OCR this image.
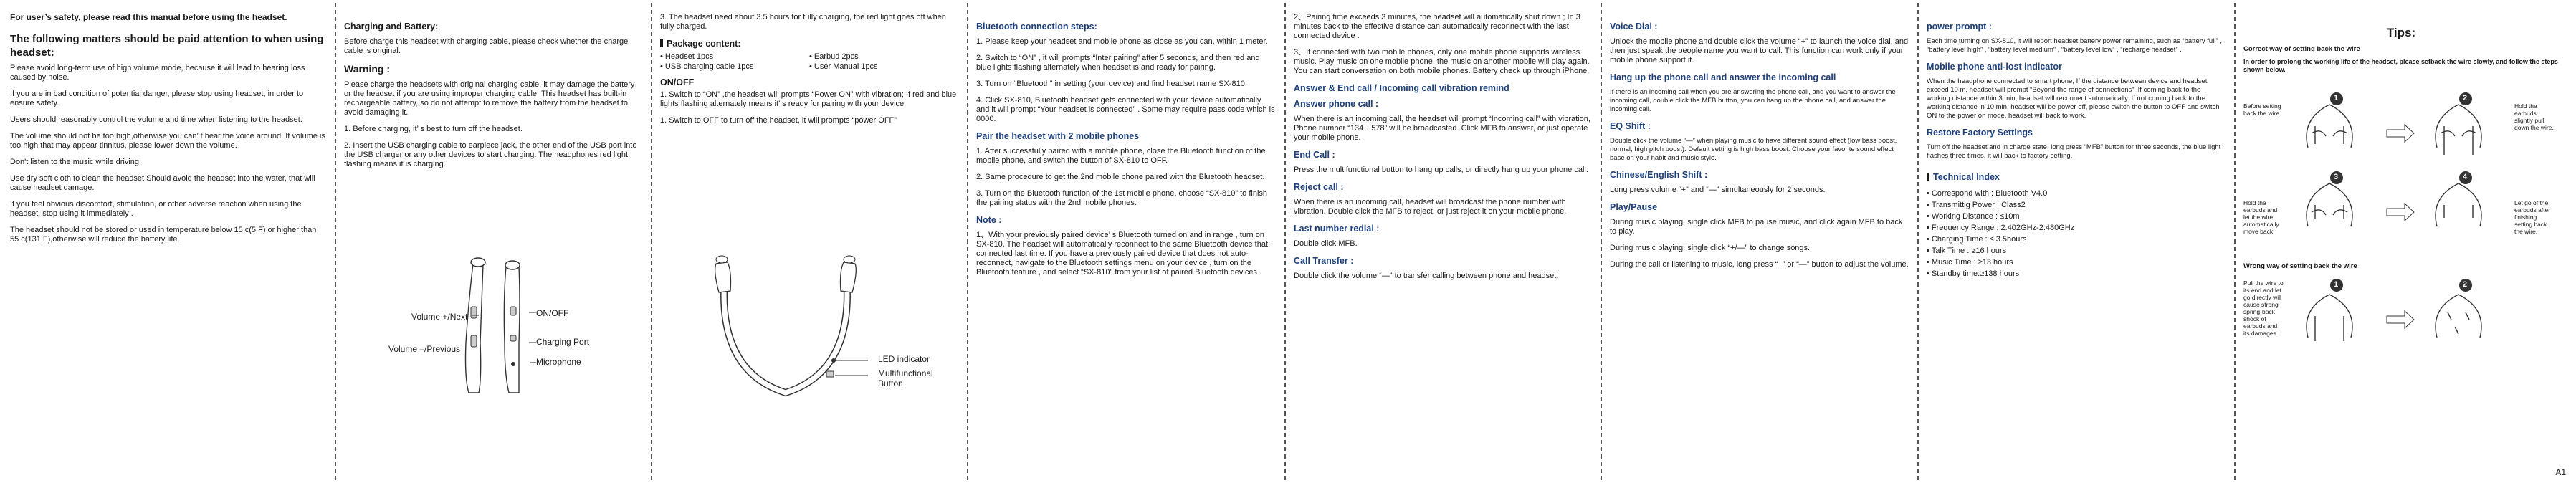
For user’s safety, please read this manual before using the headset.

The following matters should be paid attention to when using headset:

Please avoid long-term use of high volume mode, because it will lead to hearing loss caused by noise.

If you are in bad condition of potential danger, please stop using headset, in order to ensure safety.

Users should reasonably control the volume and time when listening to the headset.

The volume should not be too high,otherwise you can’ t hear the voice around. If volume is too high that may appear tinnitus, please lower down the volume.

Don't listen to the music while driving.

Use dry soft cloth to clean the headset Should avoid the headset into the water, that will cause headset damage.

If you feel obvious discomfort, stimulation, or other adverse reaction when using the headset, stop using it immediately .

The headset should not be stored or used in temperature below 15 c(5 F) or higher than 55 c(131 F),otherwise will reduce the battery life.

Charging and Battery:

Before charge this headset with charging cable, please check whether the charge cable is original.

Warning :

Please charge the headsets with original charging cable, it may damage the battery or the headset if you are using improper charging cable. This headset has built-in rechargeable battery, so do not attempt to remove the battery from the headset to avoid damaging it.

1. Before charging, it’ s best to turn off the headset.

2. Insert the USB charging cable to earpiece jack, the other end of the USB port into the USB charger or any other devices to start charging. The headphones red light flashing means it is charging.

Volume +/Next
Volume –/Previous
ON/OFF
Charging Port
Microphone

3. The headset need about 3.5 hours for fully charging, the red light goes off when fully charged.

Package content:
• Headset 1pcs	• Earbud 2pcs
• USB charging cable 1pcs	• User Manual 1pcs
ON/OFF

1. Switch to “ON” ,the headset will prompts “Power ON” with vibration; If red and blue lights flashing alternately means it’ s ready for pairing with your device.

1. Switch to OFF to turn off the headset, it will prompts “power OFF”

LED indicator
Multifunctional
Button
Bluetooth connection steps:

1. Please keep your headset and mobile phone as close as you can, within 1 meter.

2. Switch to “ON” , it will prompts “Inter pairing” after 5 seconds, and then red and blue lights flashing alternately when headset is and ready for pairing.

3. Turn on “Bluetooth” in setting (your device) and find headset name SX-810.

4. Click SX-810, Bluetooth headset gets connected with your device automatically and it will prompt “Your headset is connected” . Some may require pass code which is 0000.

Pair the headset with 2 mobile phones

1. After successfully paired with a mobile phone, close the Bluetooth function of the mobile phone, and switch the button of SX-810 to OFF.

2. Same procedure to get the 2nd mobile phone paired with the Bluetooth headset.

3. Turn on the Bluetooth function of the 1st mobile phone, choose “SX-810” to finish the pairing status with the 2nd mobile phones.

Note :

1、With your previously paired device’ s Bluetooth turned on and in range , turn on SX-810. The headset will automatically reconnect to the same Bluetooth device that connected last time. If you have a previously paired device that does not auto-reconnect, navigate to the Bluetooth settings menu on your device , turn on the Bluetooth feature , and select “SX-810” from your list of paired Bluetooth devices .

2、Pairing time exceeds 3 minutes, the headset will automatically shut down ; In 3 minutes back to the effective distance can automatically reconnect with the last connected device .

3、If connected with two mobile phones, only one mobile phone supports wireless music. Play music on one mobile phone, the music on another mobile will play again. You can start conversation on both mobile phones. Battery check up through iPhone.

Answer & End call / Incoming call vibration remind
Answer phone call :

When there is an incoming call, the headset will prompt “Incoming call” with vibration, Phone number “134…578” will be broadcasted. Click MFB to answer, or just operate your mobile phone.

End Call :

Press the multifunctional button to hang up calls, or directly hang up your phone call.

Reject call :

When there is an incoming call, headset will broadcast the phone number with vibration. Double click the MFB to reject, or just reject it on your mobile phone.

Last number redial :

Double click MFB.

Call Transfer :

Double click the volume “—” to transfer calling between phone and headset.

Voice Dial :

Unlock the mobile phone and double click the volume “+” to launch the voice dial, and then just speak the people name you want to call. This function can work only if your mobile phone support it.

Hang up the phone call and answer the incoming call

If there is an incoming call when you are answering the phone call, and you want to answer the incoming call, double click the MFB button, you can hang up the phone call, and answer the incoming call.

EQ Shift :

Double click the volume “—” when playing music to have different sound effect (low bass boost, normal, high pitch boost). Default setting is high bass boost. Choose your favorite sound effect base on your habit and music style.

Chinese/English Shift :

Long press volume “+” and “—” simultaneously for 2 seconds.

Play/Pause

During music playing, single click MFB to pause music, and click again MFB to back to play.

During music playing, single click “+/—” to change songs.

During the call or listening to music, long press “+” or “—” button to adjust the volume.

power prompt :

Each time turning on SX-810, it will report headset battery power remaining, such as “battery full” , “battery level high” , “battery level medium” , “battery level low” , “recharge headset” .

Mobile phone anti-lost indicator

When the headphone connected to smart phone, If the distance between device and headset exceed 10 m, headset will prompt “Beyond the range of connections” .If coming back to the working distance within 3 min, headset will reconnect automatically. If not coming back to the working distance in 10 min, headset will be power off, please switch the button to OFF and switch ON to the power on mode, headset will back to work.

Restore Factory Settings

Turn off the headset and in charge state, long press “MFB” button for three seconds, the blue light flashes three times, it will back to factory setting.

Technical Index
• Correspond with : Bluetooth V4.0
• Transmittig Power : Class2
• Working Distance : ≤10m
• Frequency Range : 2.402GHz-2.480GHz
• Charging Time : ≤ 3.5hours
• Talk Time : ≥16 hours
• Music Time : ≥13 hours
• Standby time:≥138 hours
Tips:

Correct way of setting back the wire

In order to prolong the working life of the headset, please setback the wire slowly, and follow the steps shown below.

Before setting back the wire.
Hold the earbuds slightly pull down the wire.
Hold the earbuds and let the wire automatically move back.
Let go of the earbuds after finishing setting back the wire.
1	2
3	4
Wrong way of setting back the wire
Pull the wire to its end and let go directly will cause strong spring-back shock of earbuds and its damages.
1	2
A1
